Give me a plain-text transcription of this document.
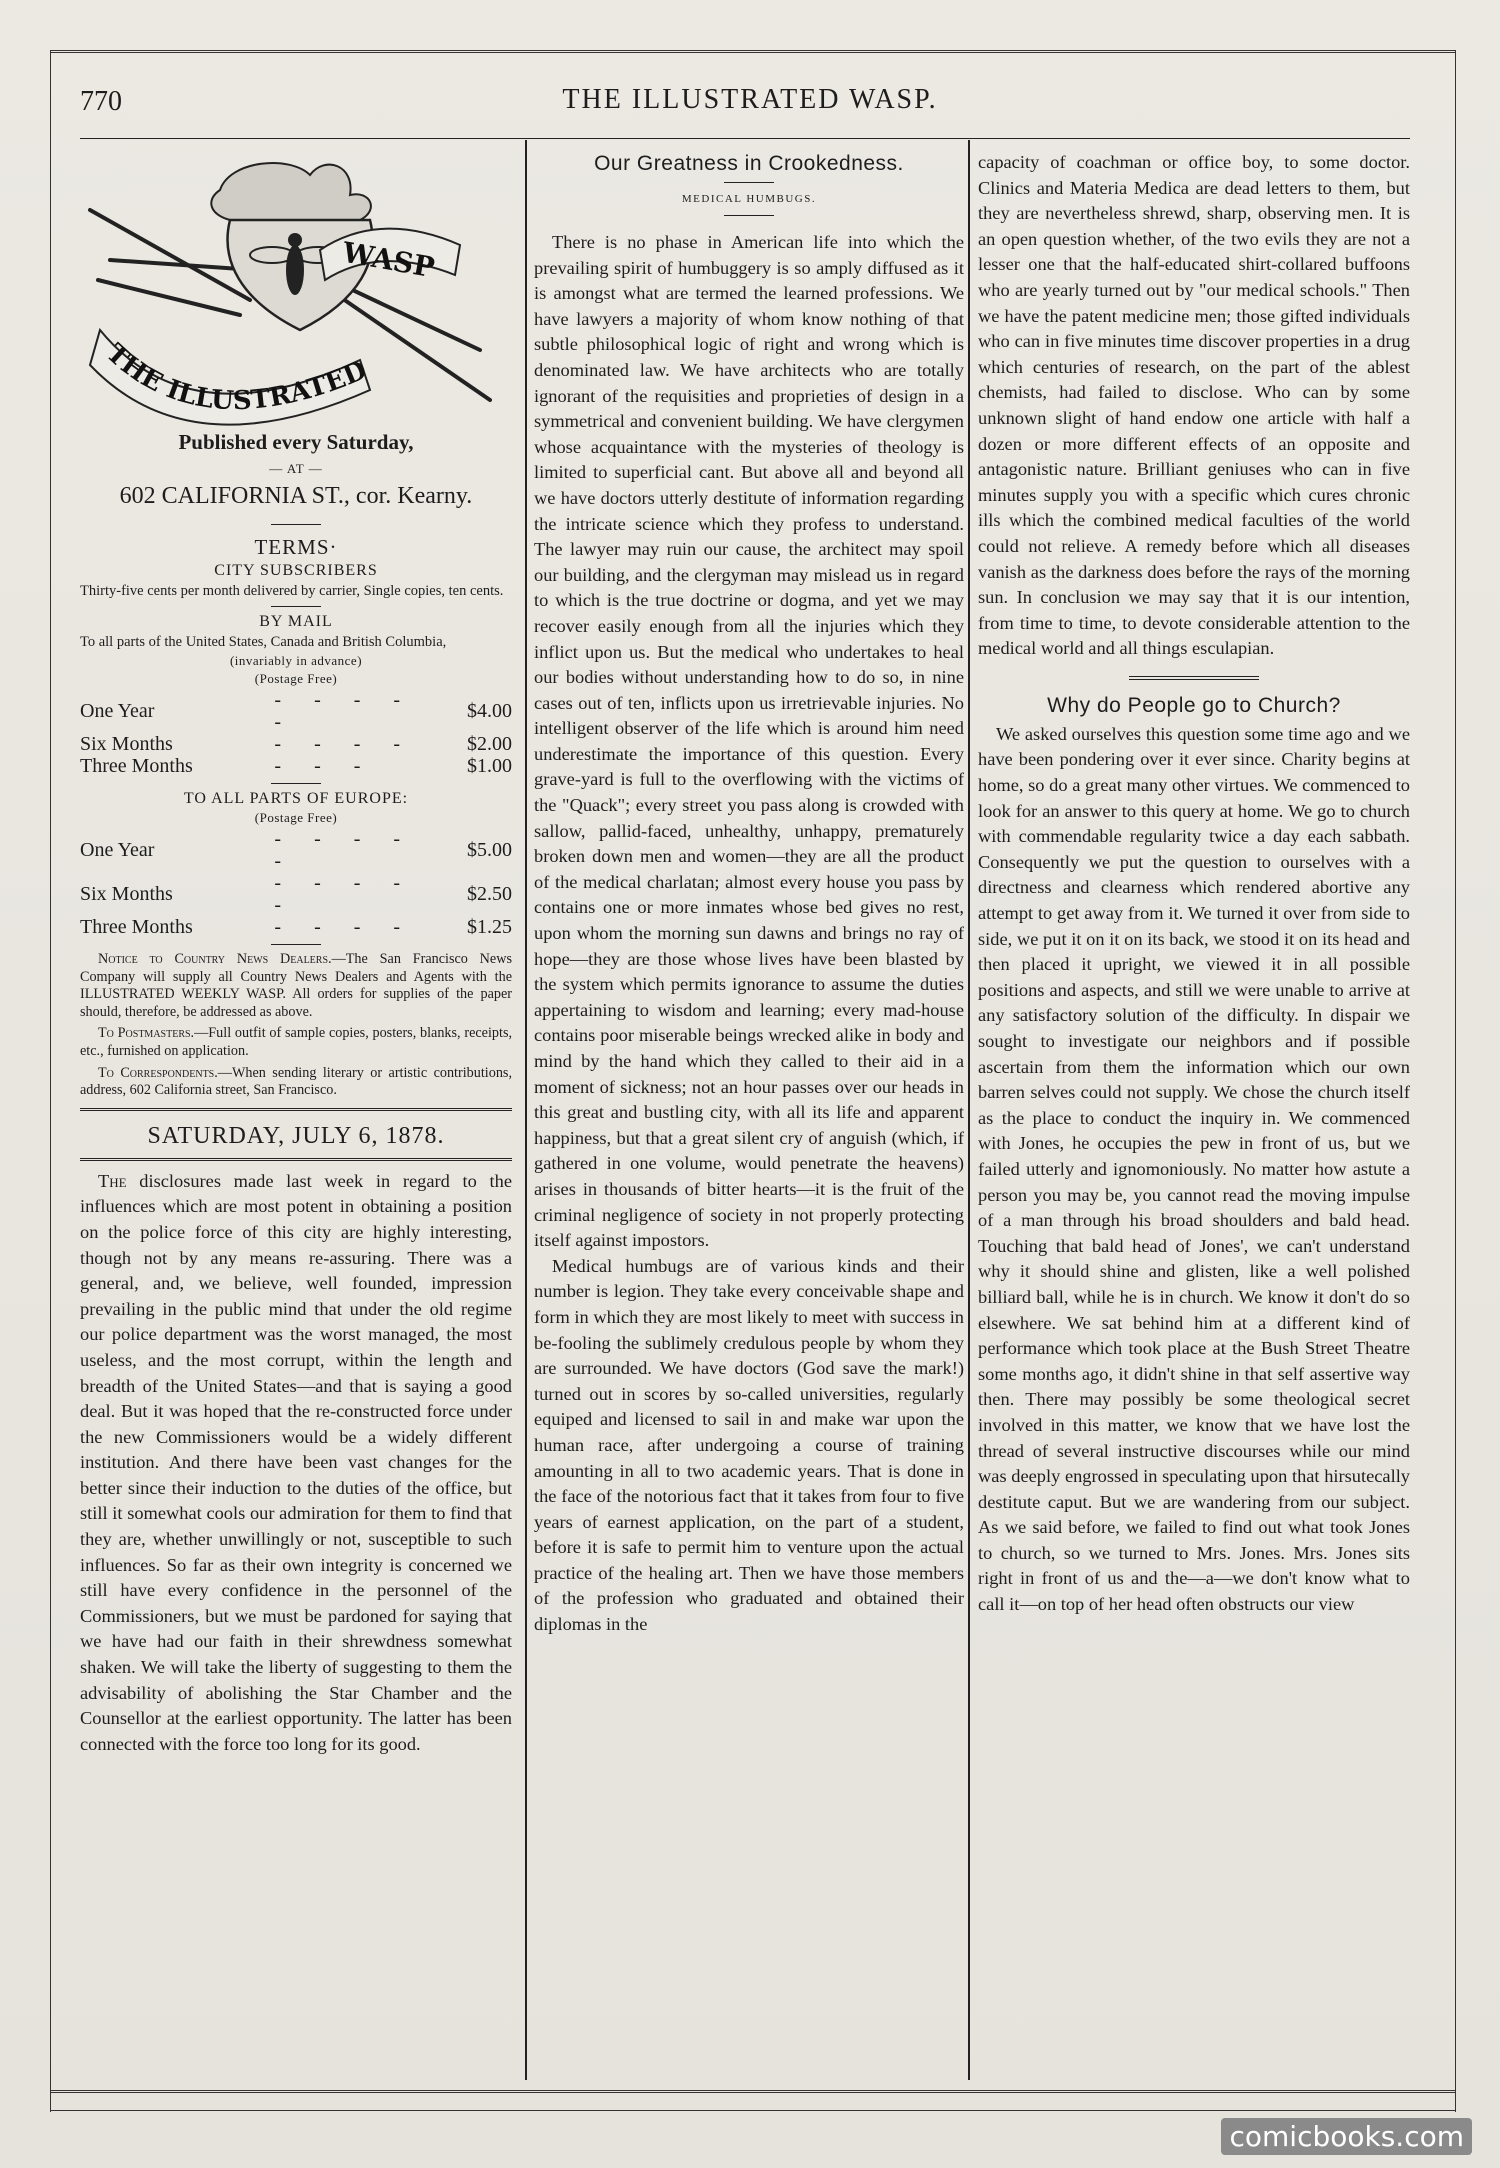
770	THE ILLUSTRATED WASP.
WASP
THE ILLUSTRATED

Published every Saturday,

— AT —

602 CALIFORNIA ST., cor. Kearny.

TERMS·

CITY SUBSCRIBERS

Thirty-five cents per month delivered by carrier, Single copies, ten cents.

BY MAIL

To all parts of the United States, Canada and British Columbia,

(invariably in advance)

(Postage Free)

One Year	- - - - -	$4.00
Six Months	- - - -	$2.00
Three Months	- - -	$1.00

TO ALL PARTS OF EUROPE:

(Postage Free)

One Year	- - - - -	$5.00
Six Months	- - - - -	$2.50
Three Months	- - - -	$1.25

Notice to Country News Dealers.—The San Francisco News Company will supply all Country News Dealers and Agents with the ILLUSTRATED WEEKLY WASP. All orders for supplies of the paper should, therefore, be addressed as above.

To Postmasters.—Full outfit of sample copies, posters, blanks, receipts, etc., furnished on application.

To Correspondents.—When sending literary or artistic contributions, address, 602 California street, San Francisco.

SATURDAY, JULY 6, 1878.

The disclosures made last week in regard to the influences which are most potent in obtaining a position on the police force of this city are highly interesting, though not by any means re-assuring. There was a general, and, we believe, well founded, impression prevailing in the public mind that under the old regime our police department was the worst managed, the most useless, and the most corrupt, within the length and breadth of the United States—and that is saying a good deal. But it was hoped that the re-constructed force under the new Commissioners would be a widely different institution. And there have been vast changes for the better since their induction to the duties of the office, but still it somewhat cools our admiration for them to find that they are, whether unwillingly or not, susceptible to such influences. So far as their own integrity is concerned we still have every confidence in the personnel of the Commissioners, but we must be pardoned for saying that we have had our faith in their shrewdness somewhat shaken. We will take the liberty of suggesting to them the advisability of abolishing the Star Chamber and the Counsellor at the earliest opportunity. The latter has been connected with the force too long for its good.

Our Greatness in Crookedness.

MEDICAL HUMBUGS.

There is no phase in American life into which the prevailing spirit of humbuggery is so amply diffused as it is amongst what are termed the learned professions. We have lawyers a majority of whom know nothing of that subtle philosophical logic of right and wrong which is denominated law. We have architects who are totally ignorant of the requisities and proprieties of design in a symmetrical and convenient building. We have clergymen whose acquaintance with the mysteries of theology is limited to superficial cant. But above all and beyond all we have doctors utterly destitute of information regarding the intricate science which they profess to understand. The lawyer may ruin our cause, the architect may spoil our building, and the clergyman may mislead us in regard to which is the true doctrine or dogma, and yet we may recover easily enough from all the injuries which they inflict upon us. But the medical who undertakes to heal our bodies without understanding how to do so, in nine cases out of ten, inflicts upon us irretrievable injuries. No intelligent observer of the life which is around him need underestimate the importance of this question. Every grave-yard is full to the overflowing with the victims of the "Quack"; every street you pass along is crowded with sallow, pallid-faced, unhealthy, unhappy, prematurely broken down men and women—they are all the product of the medical charlatan; almost every house you pass by contains one or more inmates whose bed gives no rest, upon whom the morning sun dawns and brings no ray of hope—they are those whose lives have been blasted by the system which permits ignorance to assume the duties appertaining to wisdom and learning; every mad-house contains poor miserable beings wrecked alike in body and mind by the hand which they called to their aid in a moment of sickness; not an hour passes over our heads in this great and bustling city, with all its life and apparent happiness, but that a great silent cry of anguish (which, if gathered in one volume, would penetrate the heavens) arises in thousands of bitter hearts—it is the fruit of the criminal negligence of society in not properly protecting itself against impostors.

Medical humbugs are of various kinds and their number is legion. They take every conceivable shape and form in which they are most likely to meet with success in be-fooling the sublimely credulous people by whom they are surrounded. We have doctors (God save the mark!) turned out in scores by so-called universities, regularly equiped and licensed to sail in and make war upon the human race, after undergoing a course of training amounting in all to two academic years. That is done in the face of the notorious fact that it takes from four to five years of earnest application, on the part of a student, before it is safe to permit him to venture upon the actual practice of the healing art. Then we have those members of the profession who graduated and obtained their diplomas in the

capacity of coachman or office boy, to some doctor. Clinics and Materia Medica are dead letters to them, but they are nevertheless shrewd, sharp, observing men. It is an open question whether, of the two evils they are not a lesser one that the half-educated shirt-collared buffoons who are yearly turned out by "our medical schools." Then we have the patent medicine men; those gifted individuals who can in five minutes time discover properties in a drug which centuries of research, on the part of the ablest chemists, had failed to disclose. Who can by some unknown slight of hand endow one article with half a dozen or more different effects of an opposite and antagonistic nature. Brilliant geniuses who can in five minutes supply you with a specific which cures chronic ills which the combined medical faculties of the world could not relieve. A remedy before which all diseases vanish as the darkness does before the rays of the morning sun. In conclusion we may say that it is our intention, from time to time, to devote considerable attention to the medical world and all things esculapian.

Why do People go to Church?

We asked ourselves this question some time ago and we have been pondering over it ever since. Charity begins at home, so do a great many other virtues. We commenced to look for an answer to this query at home. We go to church with commendable regularity twice a day each sabbath. Consequently we put the question to ourselves with a directness and clearness which rendered abortive any attempt to get away from it. We turned it over from side to side, we put it on it on its back, we stood it on its head and then placed it upright, we viewed it in all possible positions and aspects, and still we were unable to arrive at any satisfactory solution of the difficulty. In dispair we sought to investigate our neighbors and if possible ascertain from them the information which our own barren selves could not supply. We chose the church itself as the place to conduct the inquiry in. We commenced with Jones, he occupies the pew in front of us, but we failed utterly and ignomoniously. No matter how astute a person you may be, you cannot read the moving impulse of a man through his broad shoulders and bald head. Touching that bald head of Jones', we can't understand why it should shine and glisten, like a well polished billiard ball, while he is in church. We know it don't do so elsewhere. We sat behind him at a different kind of performance which took place at the Bush Street Theatre some months ago, it didn't shine in that self assertive way then. There may possibly be some theological secret involved in this matter, we know that we have lost the thread of several instructive discourses while our mind was deeply engrossed in speculating upon that hirsutecally destitute caput. But we are wandering from our subject. As we said before, we failed to find out what took Jones to church, so we turned to Mrs. Jones. Mrs. Jones sits right in front of us and the—a—we don't know what to call it—on top of her head often obstructs our view

comicbooks.com
